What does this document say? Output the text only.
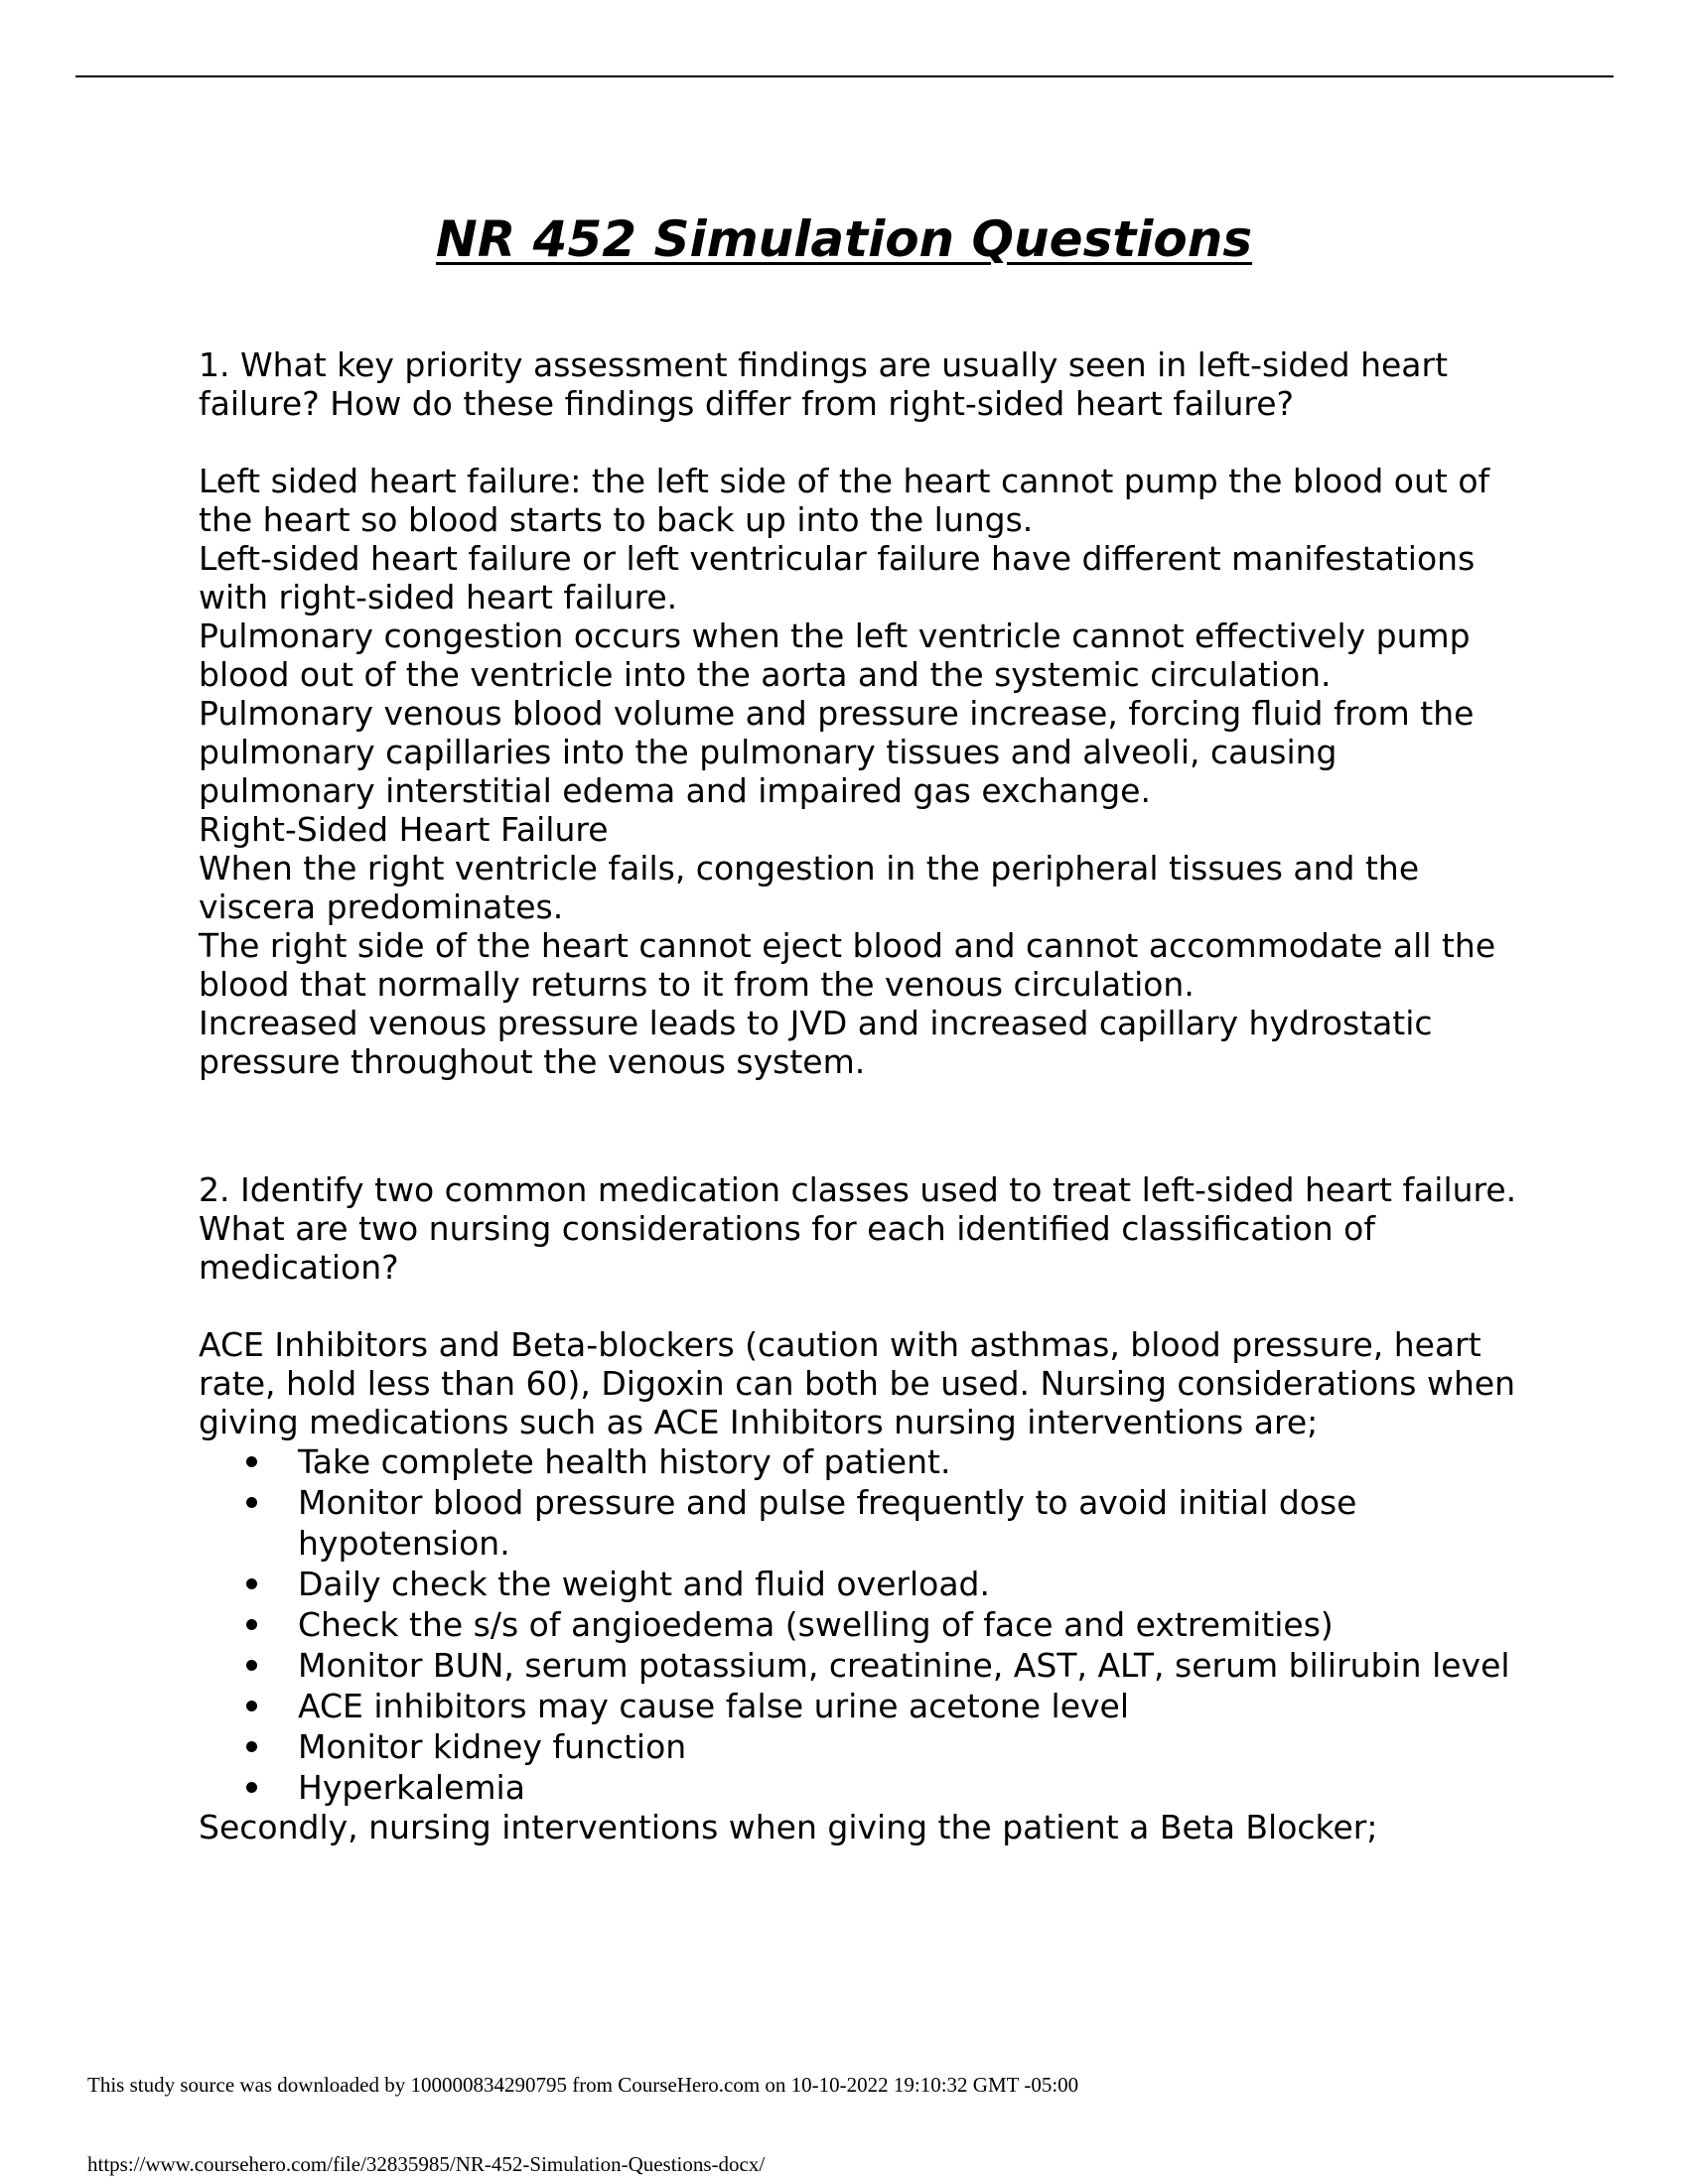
NR 452 Simulation Questions

1. What key priority assessment findings are usually seen in left-sided heart failure? How do these findings differ from right-sided heart failure?

Left sided heart failure: the left side of the heart cannot pump the blood out of the heart so blood starts to back up into the lungs.

Left-sided heart failure or left ventricular failure have different manifestations with right-sided heart failure.

Pulmonary congestion occurs when the left ventricle cannot effectively pump blood out of the ventricle into the aorta and the systemic circulation.

Pulmonary venous blood volume and pressure increase, forcing fluid from the pulmonary capillaries into the pulmonary tissues and alveoli, causing pulmonary interstitial edema and impaired gas exchange.

Right-Sided Heart Failure

When the right ventricle fails, congestion in the peripheral tissues and the viscera predominates.

The right side of the heart cannot eject blood and cannot accommodate all the blood that normally returns to it from the venous circulation.

Increased venous pressure leads to JVD and increased capillary hydrostatic pressure throughout the venous system.

2. Identify two common medication classes used to treat left-sided heart failure. What are two nursing considerations for each identified classification of medication?

ACE Inhibitors and Beta-blockers (caution with asthmas, blood pressure, heart rate, hold less than 60), Digoxin can both be used. Nursing considerations when giving medications such as ACE Inhibitors nursing interventions are;

Take complete health history of patient.
Monitor blood pressure and pulse frequently to avoid initial dose hypotension.
Daily check the weight and fluid overload.
Check the s/s of angioedema (swelling of face and extremities)
Monitor BUN, serum potassium, creatinine, AST, ALT, serum bilirubin level
ACE inhibitors may cause false urine acetone level
Monitor kidney function
Hyperkalemia

Secondly, nursing interventions when giving the patient a Beta Blocker;

This study source was downloaded by 100000834290795 from CourseHero.com on 10-10-2022 19:10:32 GMT -05:00
https://www.coursehero.com/file/32835985/NR-452-Simulation-Questions-docx/
